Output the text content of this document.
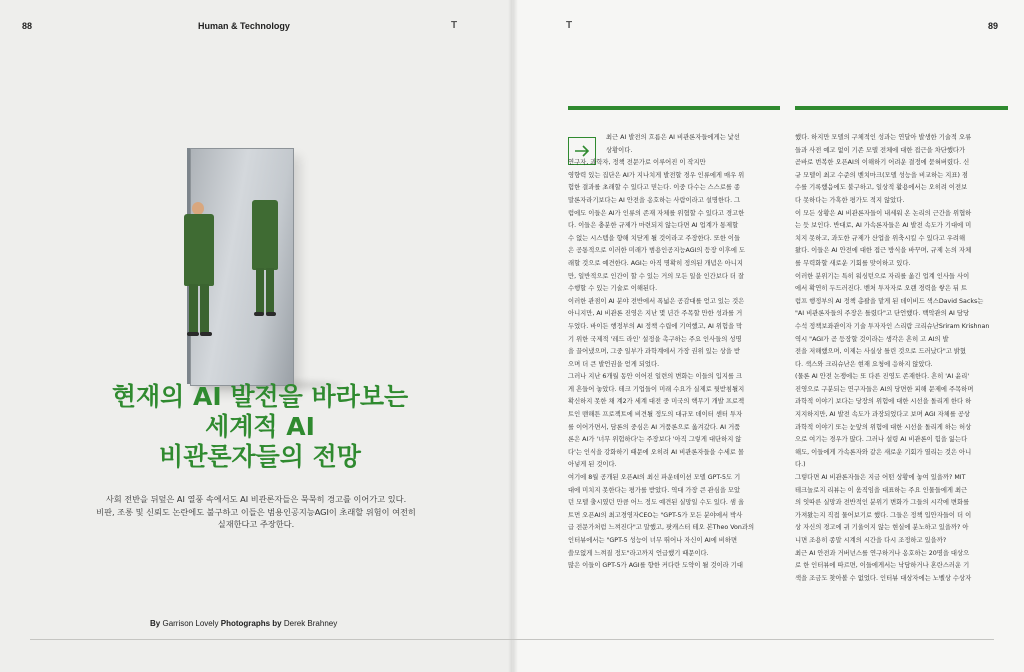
88	Human & Technology	T	T	89
현재의 AI 발전을 바라보는
세계적 AI
비관론자들의 전망
사회 전반을 뒤덮은 AI 열풍 속에서도 AI 비관론자들은 묵묵히 경고를 이어가고 있다.
비판, 조롱 및 신뢰도 논란에도 불구하고 이들은 범용인공지능AGI이 초래할 위험이 여전히
실재한다고 주장한다.
By Garrison Lovely Photographs by Derek Brahney
최근 AI 발전의 흐름은 AI 비관론자들에게는 낯선
상황이다.
연구자, 과학자, 정책 전문가로 이루어진 이 작지만
영향력 있는 집단은 AI가 지나치게 발전할 경우 인류에게 매우 위
험한 결과를 초래할 수 있다고 믿는다. 이중 다수는 스스로를 종
말론자라기보다는 AI 안전을 옹호하는 사람이라고 설명한다. 그
럼에도 이들은 AI가 인류의 존재 자체를 위협할 수 있다고 경고한
다. 이들은 충분한 규제가 마련되지 않는다면 AI 업계가 통제할
수 없는 시스템을 향해 치닫게 될 것이라고 주장한다. 또한 이들
은 공통적으로 이러한 미래가 범용인공지능AGI의 등장 이후에 도
래할 것으로 예견한다. AGI는 아직 명확히 정의된 개념은 아니지
만, 일반적으로 인간이 할 수 있는 거의 모든 일을 인간보다 더 잘
수행할 수 있는 기술로 이해된다.
이러한 관점이 AI 분야 전반에서 폭넓은 공감대를 얻고 있는 것은
아니지만, AI 비관론 진영은 지난 몇 년간 주목할 만한 성과를 거
두었다. 바이든 행정부의 AI 정책 수립에 기여했고, AI 위험을 막
기 위한 국제적 '레드 라인' 설정을 촉구하는 주요 인사들의 성명
을 끌어냈으며, 그중 일부가 과학계에서 가장 권위 있는 상을 받
으며 더 큰 발언권을 얻게 되었다.
그러나 지난 6개월 동안 이어진 일련의 변화는 이들의 입지를 크
게 흔들어 놓았다. 테크 기업들이 미래 수요가 실제로 뒷받침될지
확신하지 못한 채 계2가 세계 대전 중 미국의 핵무기 개발 프로젝
트인 맨해튼 프로젝트에 비견될 정도의 대규모 데이터 센터 투자
를 이어가면서, 담론의 중심은 AI 거품론으로 옮겨갔다. AI 거품
론은 AI가 '너무 위험하다'는 주장보다 '아직 그렇게 대단하지 않
다'는 인식을 강화하기 때문에 오히려 AI 비관론자들을 수세로 몰
아넣게 된 것이다.
여기에 8월 공개된 오픈AI의 최신 파운데이션 모델 GPT-5도 기
대에 미치지 못한다는 평가를 받았다. 역대 가장 큰 관심을 모았
던 모델 출시였던 만큼 어느 정도 예견된 실망일 수도 있다. 샘 올
트먼 오픈AI의 최고경영자CEO는 "GPT-5가 모든 분야에서 박사
급 전문가처럼 느껴진다"고 말했고, 팟캐스터 테오 본Theo Von과의
인터뷰에서는 "GPT-5 성능이 너무 뛰어나 자신이 AI에 비하면
쓸모없게 느껴질 정도"라고까지 언급했기 때문이다.
많은 이들이 GPT-5가 AGI를 향한 커다란 도약이 될 것이라 기대
했다. 하지만 모델의 구체적인 성과는 연달아 발생한 기술적 오류
들과 사전 예고 없이 기존 모델 전체에 대한 접근을 차단했다가
곧바로 번복한 오픈AI의 이해하기 어려운 결정에 묻혀버렸다. 신
규 모델이 최고 수준의 벤치마크(모델 성능을 비교하는 지표) 점
수를 기록했음에도 불구하고, 일상적 활용에서는 오히려 이전보
다 못하다는 가혹한 평가도 적지 않았다.
이 모든 상황은 AI 비관론자들이 내세워 온 논리의 근간을 위협하
는 듯 보인다. 반대로, AI 가속론자들은 AI 발전 속도가 기대에 미
치지 못하고, 과도한 규제가 산업을 위축시킬 수 있다고 우려해
왔다. 이들은 AI 안전에 대한 접근 방식을 바꾸며, 규제 논의 자체
를 무력화할 새로운 기회를 맞이하고 있다.
이러한 분위기는 특히 워싱턴으로 자리를 옮긴 업계 인사들 사이
에서 확연히 두드러진다. 벤처 투자자로 오랜 경력을 쌓은 뒤 트
럼프 행정부의 AI 정책 총괄을 맡게 된 데이비드 색스David Sacks는
"AI 비관론자들의 주장은 틀렸다"고 단언했다. 백악관의 AI 담당
수석 정책보좌관이자 기술 투자자인 스리람 크리슈난Sriram Krishnan
역시 "AGI가 곧 등장할 것이라는 생각은 흔히 고 AI의 발
전을 저해했으며, 이제는 사실상 틀린 것으로 드러났다"고 밝혔
다. 색스와 크리슈난은 현재 요청에 응하지 않았다.
(물론 AI 안전 논쟁에는 또 다른 진영도 존재한다. 흔히 'AI 윤리'
진영으로 구분되는 연구자들은 AI의 당면한 피해 문제에 주목하며
과학적 이야기 보다는 당장의 위험에 대한 시선을 돌리게 한다 하
지지하지만, AI 발전 속도가 과장되었다고 보며 AGI 자체를 공상
과학적 이야기 또는 눈앞의 위험에 대한 시선을 돌리게 하는 허상
으로 여기는 경우가 많다. 그러나 설령 AI 비관론이 힘을 잃는다
해도, 이들에게 가속론자와 같은 새로운 기회가 열리는 것은 아니
다.)
그렇다면 AI 비관론자들은 지금 어떤 상황에 놓여 있을까? MIT
테크놀로지 리뷰는 이 움직임을 대표하는 주요 인물들에게 최근
의 잇따른 실망과 전반적인 분위기 변화가 그들의 시각에 변화를
가져왔는지 직접 물어보기로 했다. 그들은 정책 입안자들이 더 이
상 자신의 경고에 귀 기울이지 않는 현실에 분노하고 있을까? 아
니면 조용히 종말 시계의 시간을 다시 조정하고 있을까?
최근 AI 안전과 거버넌스를 연구하거나 옹호하는 20명을 대상으
로 한 인터뷰에 따르면, 이들에게서는 낙담하거나 혼란스러운 기
색을 조금도 찾아볼 수 없었다. 인터뷰 대상자에는 노벨상 수상자
